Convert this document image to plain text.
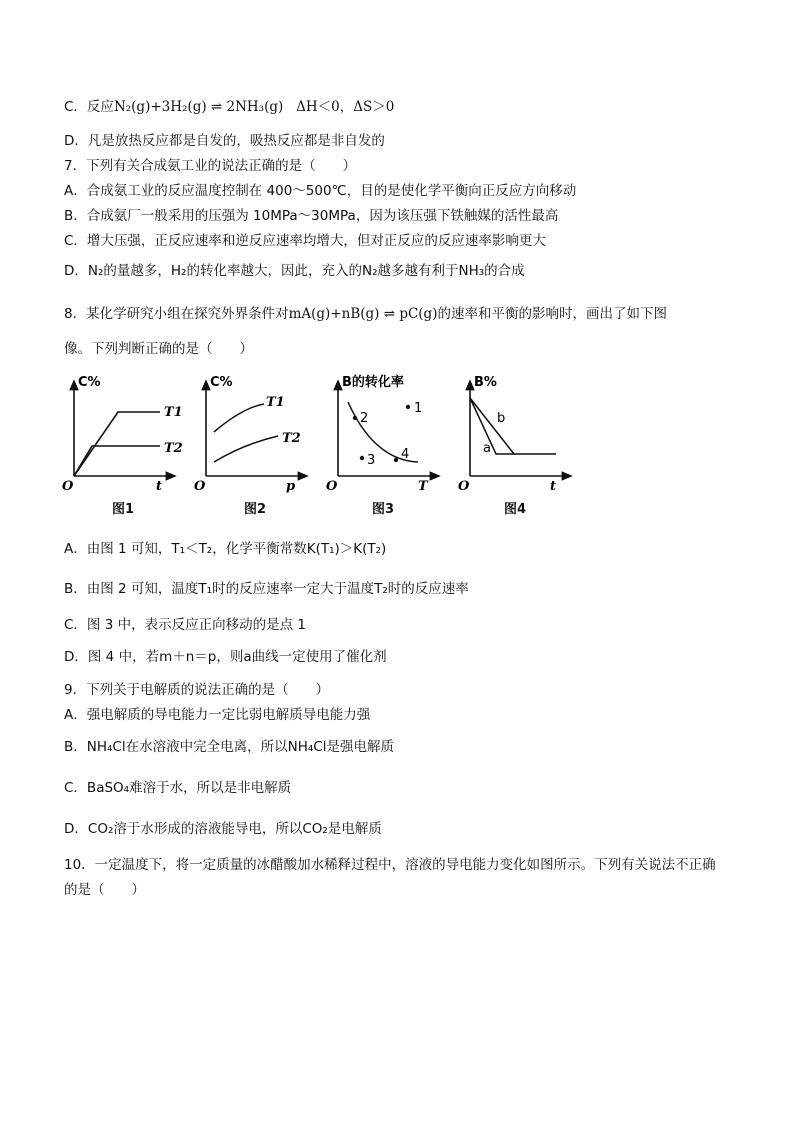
C．反应N₂(g)+3H₂(g) ⇌ 2NH₃(g) ΔH＜0，ΔS＞0
D．凡是放热反应都是自发的，吸热反应都是非自发的
7．下列有关合成氨工业的说法正确的是（　　）
A．合成氨工业的反应温度控制在 400～500℃，目的是使化学平衡向正反应方向移动
B．合成氨厂一般采用的压强为 10MPa～30MPa，因为该压强下铁触媒的活性最高
C．增大压强，正反应速率和逆反应速率均增大，但对正反应的反应速率影响更大
D．N₂的量越多，H₂的转化率越大，因此，充入的N₂越多越有利于NH₃的合成
8．某化学研究小组在探究外界条件对mA(g)+nB(g) ⇌ pC(g)的速率和平衡的影响时，画出了如下图
像。下列判断正确的是（　　）
C%
T1
T2
O	t
图1
C%
T1
T2
O	p
图2
B的转化率
1
2
3 4
O	T
图3
B%
a
b
O	t
图4
A．由图 1 可知，T₁＜T₂，化学平衡常数K(T₁)＞K(T₂)
B．由图 2 可知，温度T₁时的反应速率一定大于温度T₂时的反应速率
C．图 3 中，表示反应正向移动的是点 1
D．图 4 中，若m＋n＝p，则a曲线一定使用了催化剂
9．下列关于电解质的说法正确的是（　　）
A．强电解质的导电能力一定比弱电解质导电能力强
B．NH₄Cl在水溶液中完全电离，所以NH₄Cl是强电解质
C．BaSO₄难溶于水，所以是非电解质
D．CO₂溶于水形成的溶液能导电，所以CO₂是电解质
10．一定温度下，将一定质量的冰醋酸加水稀释过程中，溶液的导电能力变化如图所示。下列有关说法不正确
的是（　　）
